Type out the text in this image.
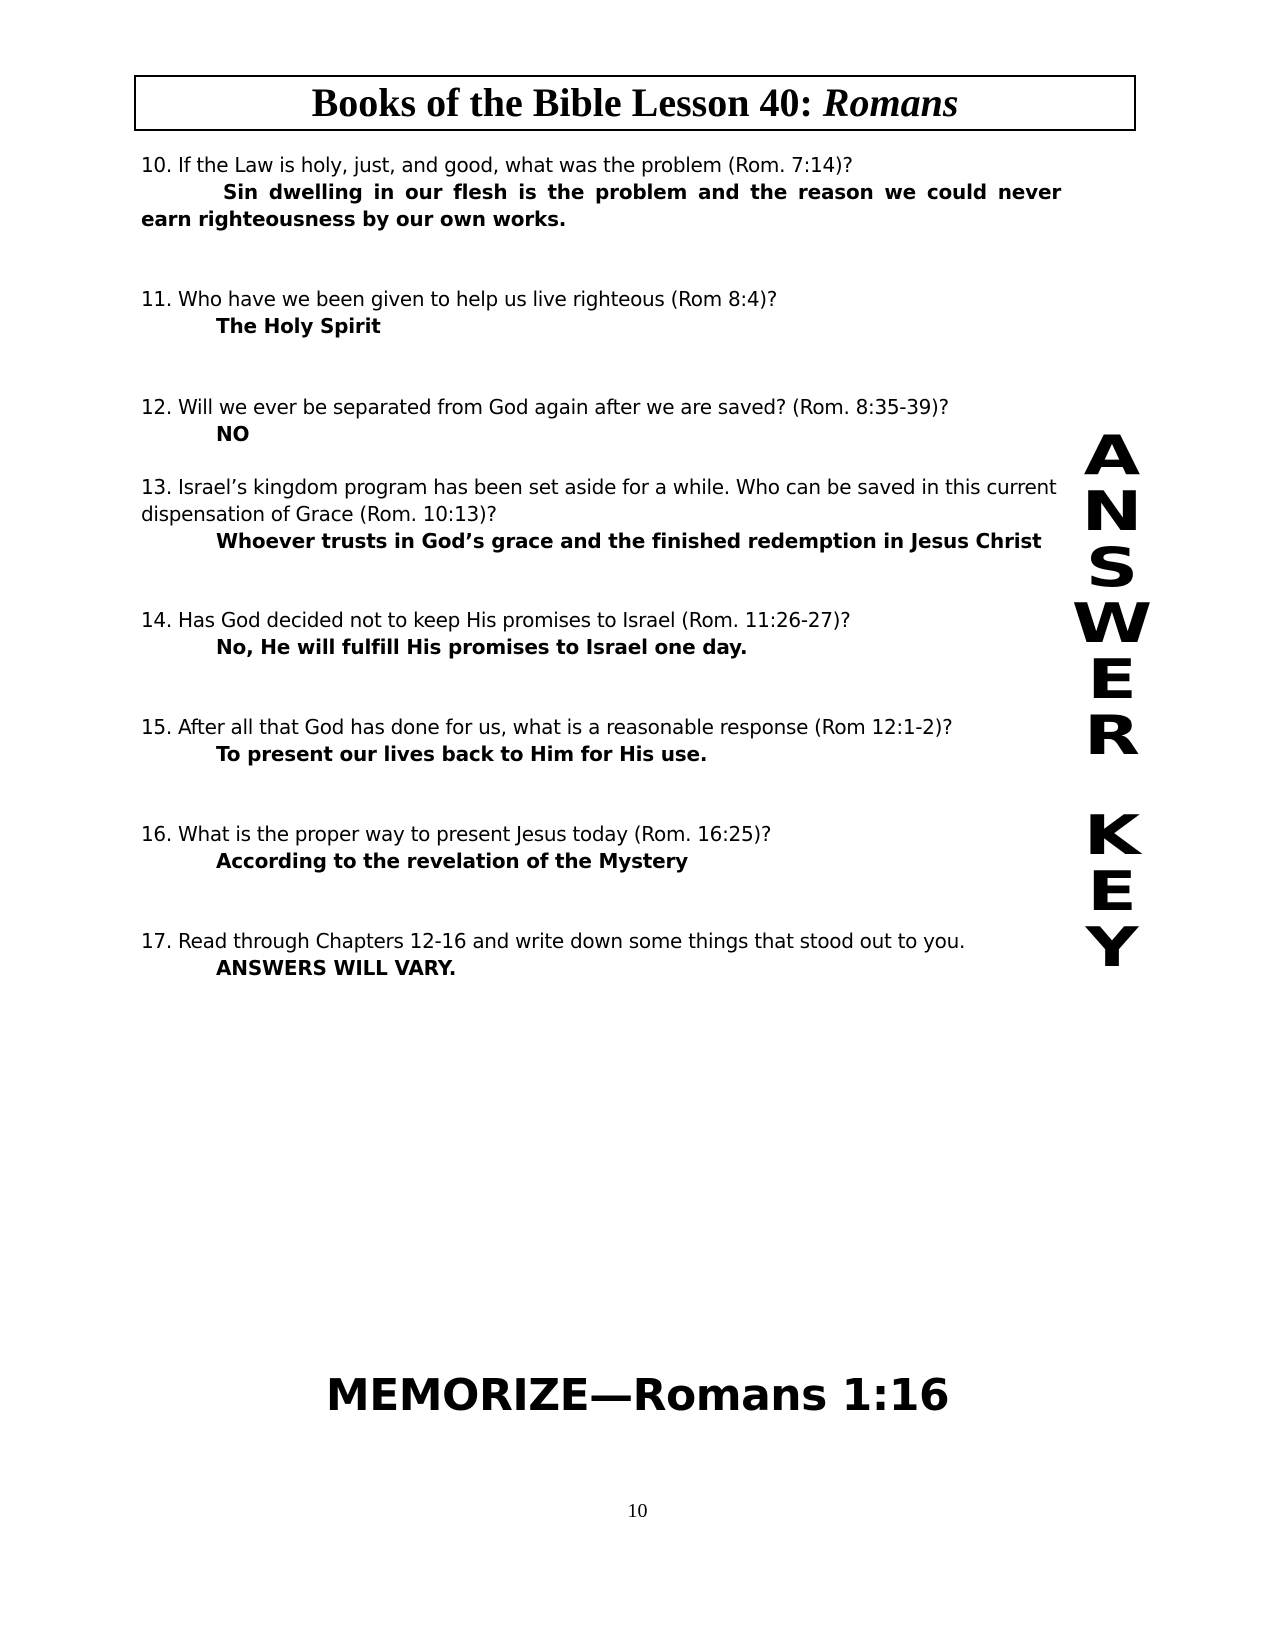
Books of the Bible Lesson 40: Romans
10. If the Law is holy, just, and good, what was the problem (Rom. 7:14)?
Sin dwelling in our flesh is the problem and the reason we could never earn righteousness by our own works.
11. Who have we been given to help us live righteous (Rom 8:4)?
The Holy Spirit
12. Will we ever be separated from God again after we are saved? (Rom. 8:35-39)?
NO
13. Israel’s kingdom program has been set aside for a while. Who can be saved in this current dispensation of Grace (Rom. 10:13)?
Whoever trusts in God’s grace and the finished redemption in Jesus Christ
14. Has God decided not to keep His promises to Israel (Rom. 11:26-27)?
No, He will fulfill His promises to Israel one day.
15. After all that God has done for us, what is a reasonable response (Rom 12:1-2)?
To present our lives back to Him for His use.
16. What is the proper way to present Jesus today (Rom. 16:25)?
According to the revelation of the Mystery
17. Read through Chapters 12-16 and write down some things that stood out to you.
ANSWERS WILL VARY.
A
N
S
W
E
R
K
E
Y
MEMORIZE—Romans 1:16
10
